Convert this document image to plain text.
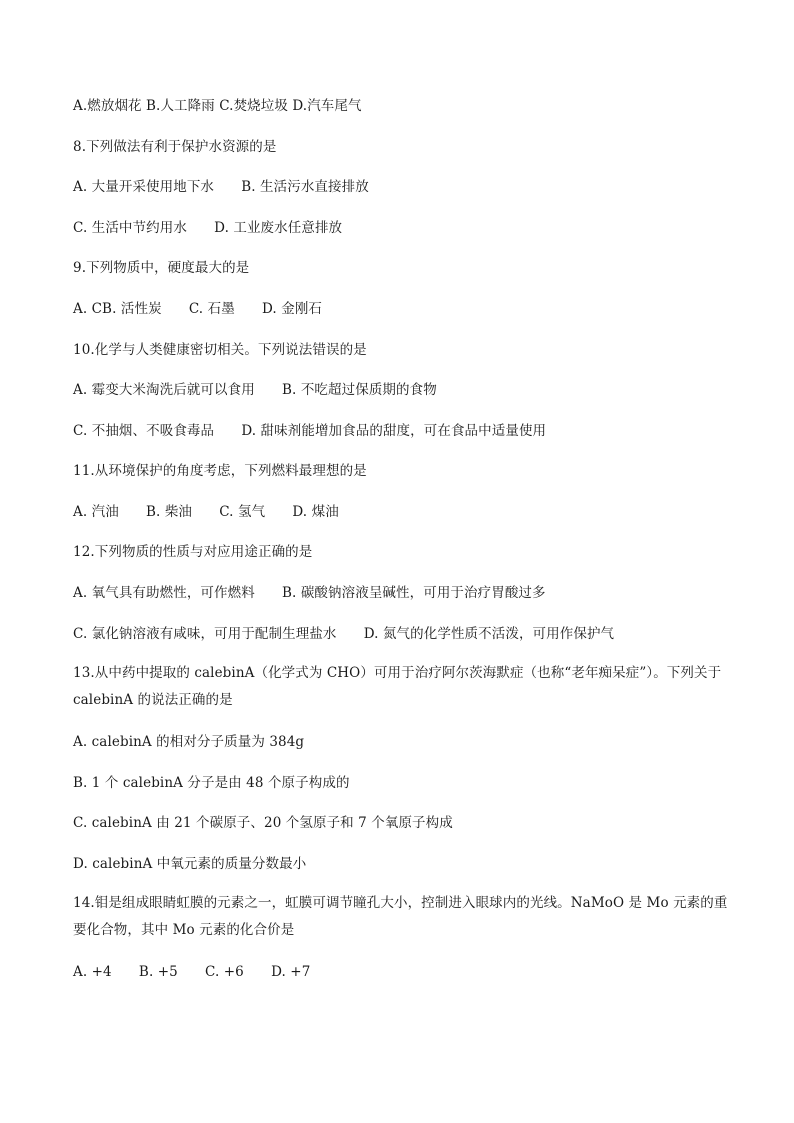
A.燃放烟花 B.人工降雨 C.焚烧垃圾 D.汽车尾气
8.下列做法有利于保护水资源的是
A. 大量开采使用地下水　　B. 生活污水直接排放
C. 生活中节约用水　　D. 工业废水任意排放
9.下列物质中，硬度最大的是
A. CB. 活性炭　　C. 石墨　　D. 金刚石
10.化学与人类健康密切相关。下列说法错误的是
A. 霉变大米淘洗后就可以食用　　B. 不吃超过保质期的食物
C. 不抽烟、不吸食毒品　　D. 甜味剂能增加食品的甜度，可在食品中适量使用
11.从环境保护的角度考虑，下列燃料最理想的是
A. 汽油　　B. 柴油　　C. 氢气　　D. 煤油
12.下列物质的性质与对应用途正确的是
A. 氧气具有助燃性，可作燃料　　B. 碳酸钠溶液呈碱性，可用于治疗胃酸过多
C. 氯化钠溶液有咸味，可用于配制生理盐水　　D. 氮气的化学性质不活泼，可用作保护气
13.从中药中提取的 calebinA（化学式为 CHO）可用于治疗阿尔茨海默症（也称“老年痴呆症”）。下列关于 calebinA 的说法正确的是
A. calebinA 的相对分子质量为 384g
B. 1 个 calebinA 分子是由 48 个原子构成的
C. calebinA 由 21 个碳原子、20 个氢原子和 7 个氧原子构成
D. calebinA 中氧元素的质量分数最小
14.钼是组成眼睛虹膜的元素之一，虹膜可调节瞳孔大小，控制进入眼球内的光线。NaMoO 是 Mo 元素的重要化合物，其中 Mo 元素的化合价是
A. +4　　B. +5　　C. +6　　D. +7
